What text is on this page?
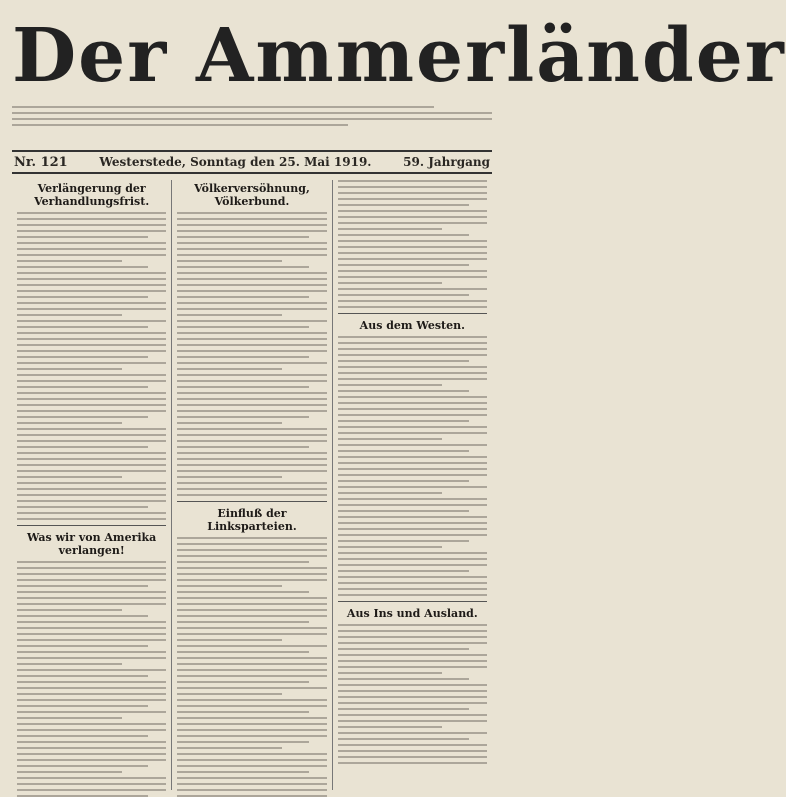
Der Ammerländer
Nr. 121	Westerstede, Sonntag den 25. Mai 1919.	59. Jahrgang
Verlängerung der Verhandlungsfrist.
Was wir von Amerika verlangen!
Völkerversöhnung, Völkerbund.
Einfluß der Linksparteien.
Aus dem Westen.
Aus Ins und Ausland.
